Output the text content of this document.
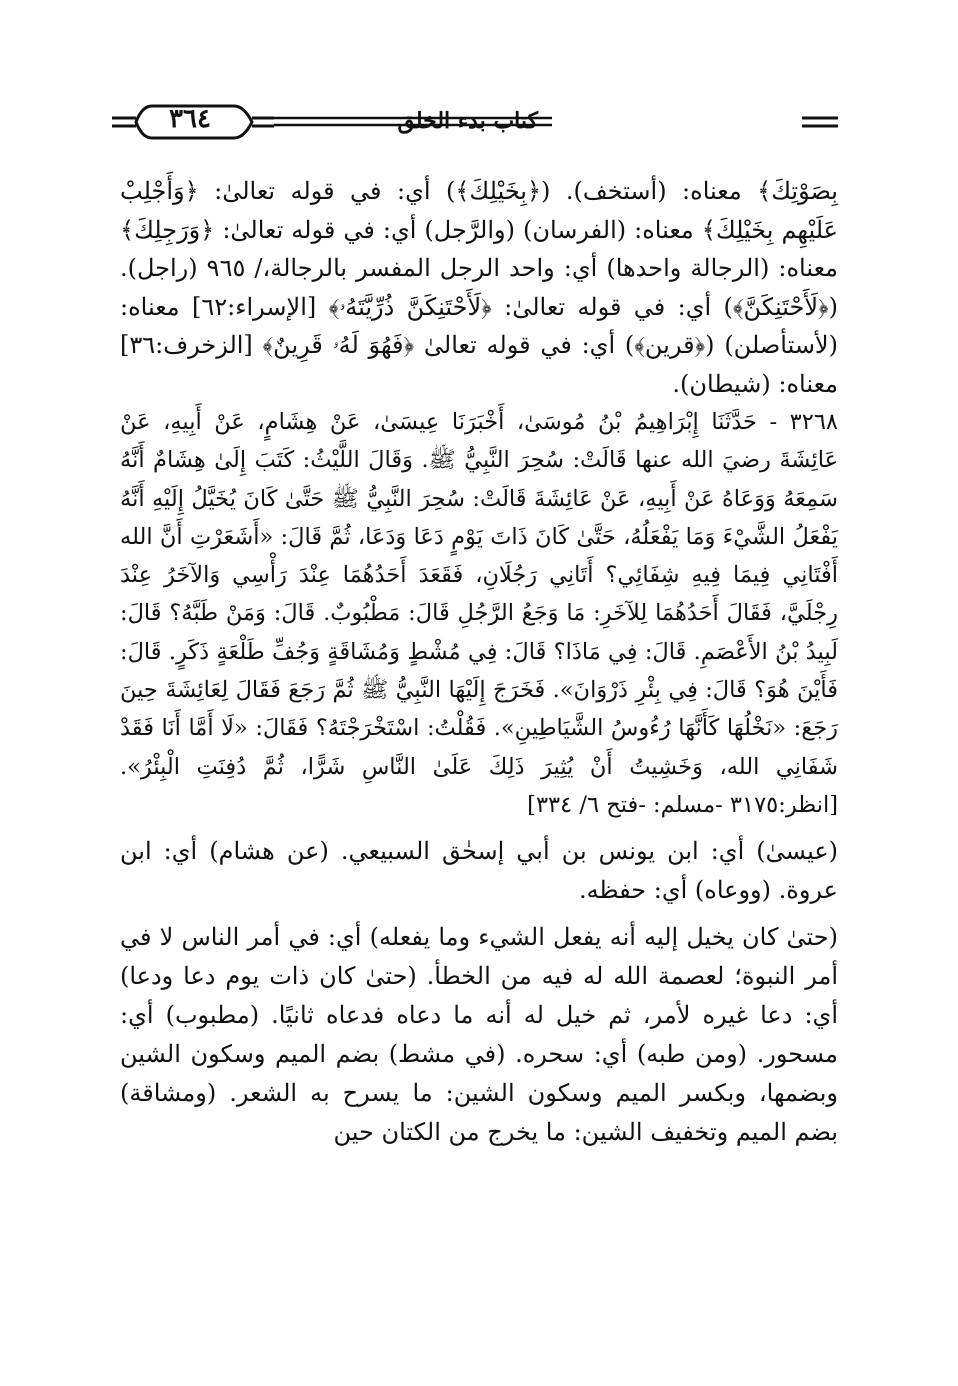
كتاب بدء الخلق
٣٦٤

بِصَوْتِكَ﴾ معناه: (أستخف). (﴿بِخَيْلِكَ﴾) أي: في قوله تعالىٰ: ﴿وَأَجْلِبْ عَلَيْهِم بِخَيْلِكَ﴾ معناه: (الفرسان) (والرَّجل) أي: في قوله تعالىٰ: ﴿وَرَجِلِكَ﴾ معناه: (الرجالة واحدها) أي: واحد الرجل المفسر بالرجالة،/ ٩٦٥ (راجل). (﴿لَأَحْتَنِكَنَّ﴾) أي: في قوله تعالىٰ: ﴿لَأَحْتَنِكَنَّ ذُرِّيَّتَهُۥ﴾ [الإسراء:٦٢] معناه: (لأستأصلن) (﴿قرين﴾) أي: في قوله تعالىٰ ﴿فَهُوَ لَهُۥ قَرِينٌ﴾ [الزخرف:٣٦] معناه: (شيطان).

٣٢٦٨ - حَدَّثَنَا إِبْرَاهِيمُ بْنُ مُوسَىٰ، أَخْبَرَنَا عِيسَىٰ، عَنْ هِشَامٍ، عَنْ أَبِيهِ، عَنْ عَائِشَةَ رضيَ الله عنها قَالَتْ: سُحِرَ النَّبِيُّ ﷺ. وَقَالَ اللَّيْثُ: كَتَبَ إِلَىٰ هِشَامٌ أَنَّهُ سَمِعَهُ وَوَعَاهُ عَنْ أَبِيهِ، عَنْ عَائِشَةَ قَالَتْ: سُحِرَ النَّبِيُّ ﷺ حَتَّىٰ كَانَ يُخَيَّلُ إِلَيْهِ أَنَّهُ يَفْعَلُ الشَّيْءَ وَمَا يَفْعَلُهُ، حَتَّىٰ كَانَ ذَاتَ يَوْمٍ دَعَا وَدَعَا، ثُمَّ قَالَ: «أَشَعَرْتِ أَنَّ الله أَفْتَانِي فِيمَا فِيهِ شِفَائِي؟ أَتَانِي رَجُلَانِ، فَقَعَدَ أَحَدُهُمَا عِنْدَ رَأْسِي وَالآخَرُ عِنْدَ رِجْلَيَّ، فَقَالَ أَحَدُهُمَا لِلآخَرِ: مَا وَجَعُ الرَّجُلِ قَالَ: مَطْبُوبٌ. قَالَ: وَمَنْ طَبَّهُ؟ قَالَ: لَبِيدُ بْنُ الأَعْصَمِ. قَالَ: فِي مَاذَا؟ قَالَ: فِي مُشْطٍ وَمُشَاقَةٍ وَجُفِّ طَلْعَةٍ ذَكَرٍ. قَالَ: فَأَيْنَ هُوَ؟ قَالَ: فِي بِئْرِ ذَرْوَانَ». فَخَرَجَ إِلَيْهَا النَّبِيُّ ﷺ ثُمَّ رَجَعَ فَقَالَ لِعَائِشَةَ حِينَ رَجَعَ: «نَخْلُهَا كَأَنَّهَا رُءُوسُ الشَّيَاطِينِ». فَقُلْتُ: اسْتَخْرَجْتَهُ؟ فَقَالَ: «لَا أَمَّا أَنَا فَقَدْ شَفَانِي الله، وَخَشِيتُ أَنْ يُثِيرَ ذَلِكَ عَلَىٰ النَّاسِ شَرًّا، ثُمَّ دُفِنَتِ الْبِئْرُ». [انظر:٣١٧٥ -مسلم: -فتح ٦/ ٣٣٤]

(عيسىٰ) أي: ابن يونس بن أبي إسحٰق السبيعي. (عن هشام) أي: ابن عروة. (ووعاه) أي: حفظه.

(حتىٰ كان يخيل إليه أنه يفعل الشيء وما يفعله) أي: في أمر الناس لا في أمر النبوة؛ لعصمة الله له فيه من الخطأ. (حتىٰ كان ذات يوم دعا ودعا) أي: دعا غيره لأمر، ثم خيل له أنه ما دعاه فدعاه ثانيًا. (مطبوب) أي: مسحور. (ومن طبه) أي: سحره. (في مشط) بضم الميم وسكون الشين وبضمها، وبكسر الميم وسكون الشين: ما يسرح به الشعر. (ومشاقة) بضم الميم وتخفيف الشين: ما يخرج من الكتان حين
